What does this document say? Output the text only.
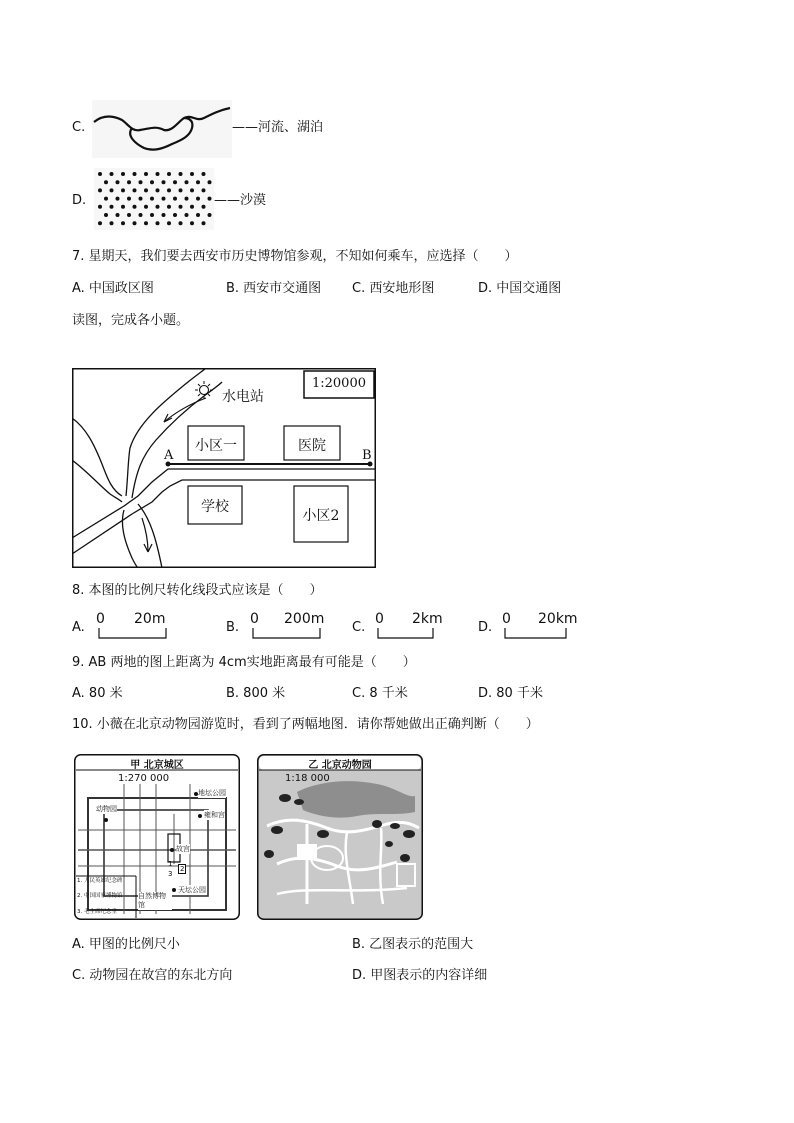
C.	——河流、湖泊
D.	——沙漠
7. 星期天，我们要去西安市历史博物馆参观，不知如何乘车，应选择（　　）
A. 中国政区图	B. 西安市交通图 C. 西安地形图	D. 中国交通图
读图，完成各小题。
1:20000
水电站
小区一	医院
学校
小区2
A	B
8. 本图的比例尺转化线段式应该是（　　）
A.
0 20m
B.
0 200m
C.
0 2km
D.
0 20km
9. AB 两地的图上距离为 4cm实地距离最有可能是（　　）
A. 80 米	B. 800 米	C. 8 千米	D. 80 千米
10. 小薇在北京动物园游览时，看到了两幅地图．请你帮她做出正确判断（　　）
甲 北京城区
1:270 000
动物园
地坛公园
雍和宫
故宫
天坛公园
自然博物馆
1
2
3
1. 人民英雄纪念碑
2. 中国国家博物馆
3. 毛主席纪念堂
乙 北京动物园
1:18 000
A. 甲图的比例尺小	B. 乙图表示的范围大
C. 动物园在故宫的东北方向	D. 甲图表示的内容详细
